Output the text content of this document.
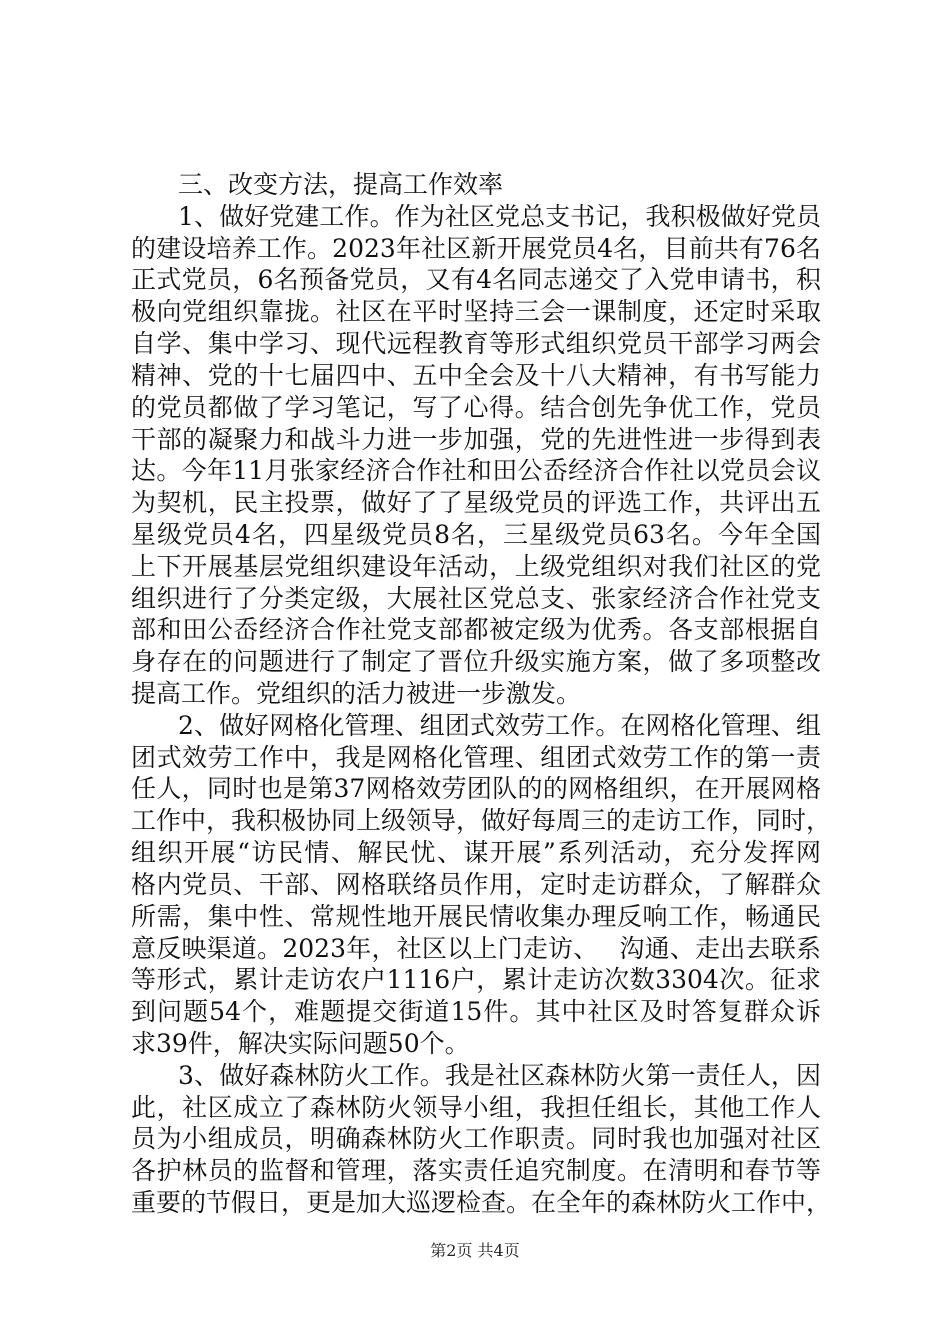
三、改变方法，提高工作效率
1、做好党建工作。作为社区党总支书记，我积极做好党员
的建设培养工作。2023年社区新开展党员4名，目前共有76名
正式党员，6名预备党员，又有4名同志递交了入党申请书，积
极向党组织靠拢。社区在平时坚持三会一课制度，还定时采取
自学、集中学习、现代远程教育等形式组织党员干部学习两会
精神、党的十七届四中、五中全会及十八大精神，有书写能力
的党员都做了学习笔记，写了心得。结合创先争优工作，党员
干部的凝聚力和战斗力进一步加强，党的先进性进一步得到表
达。今年11月张家经济合作社和田公岙经济合作社以党员会议
为契机，民主投票，做好了了星级党员的评选工作，共评出五
星级党员4名，四星级党员8名，三星级党员63名。今年全国
上下开展基层党组织建设年活动，上级党组织对我们社区的党
组织进行了分类定级，大展社区党总支、张家经济合作社党支
部和田公岙经济合作社党支部都被定级为优秀。各支部根据自
身存在的问题进行了制定了晋位升级实施方案，做了多项整改
提高工作。党组织的活力被进一步激发。
2、做好网格化管理、组团式效劳工作。在网格化管理、组
团式效劳工作中，我是网格化管理、组团式效劳工作的第一责
任人，同时也是第37网格效劳团队的的网格组织，在开展网格
工作中，我积极协同上级领导，做好每周三的走访工作，同时，
组织开展“访民情、解民忧、谋开展”系列活动，充分发挥网
格内党员、干部、网格联络员作用，定时走访群众，了解群众
所需，集中性、常规性地开展民情收集办理反响工作，畅通民
意反映渠道。2023年，社区以上门走访、　 沟通、走出去联系
等形式，累计走访农户1116户，累计走访次数3304次。征求
到问题54个，难题提交街道15件。其中社区及时答复群众诉
求39件，解决实际问题50个。
3、做好森林防火工作。我是社区森林防火第一责任人，因
此，社区成立了森林防火领导小组，我担任组长，其他工作人
员为小组成员，明确森林防火工作职责。同时我也加强对社区
各护林员的监督和管理，落实责任追究制度。在清明和春节等
重要的节假日，更是加大巡逻检查。在全年的森林防火工作中，
第2页 共4页
